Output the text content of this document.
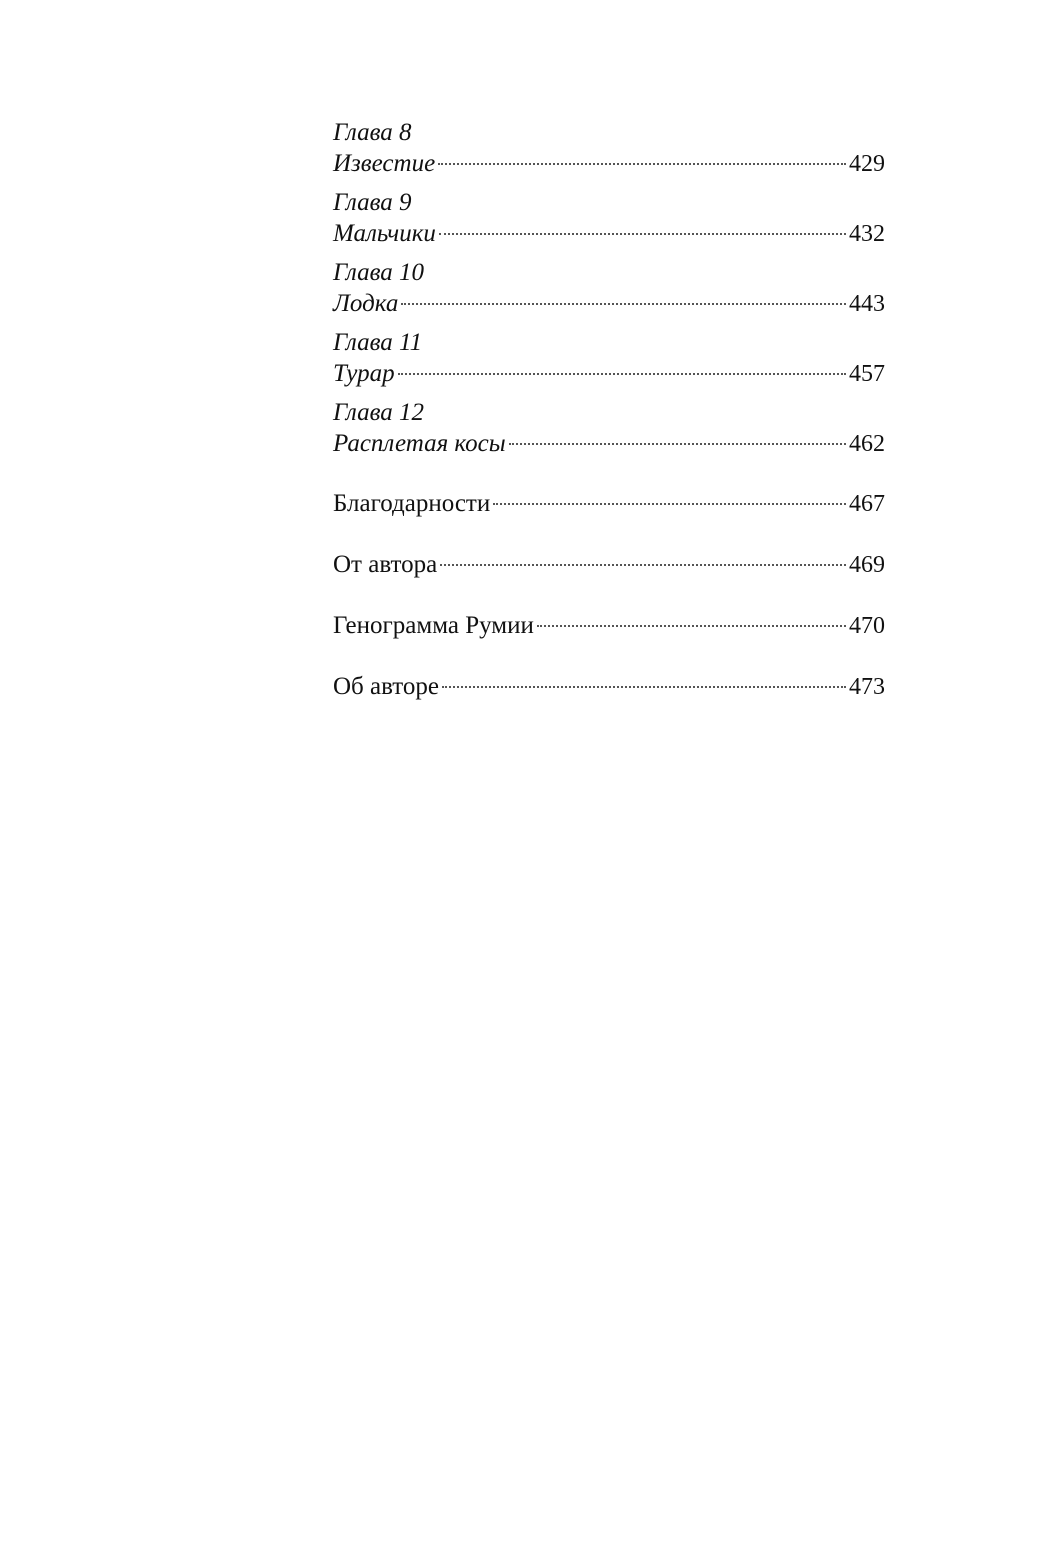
Глава 8
Известие	429
Глава 9
Мальчики	432
Глава 10
Лодка	443
Глава 11
Турар	457
Глава 12
Расплетая косы	462
Благодарности	467
От автора	469
Генограмма Румии	470
Об авторе	473
